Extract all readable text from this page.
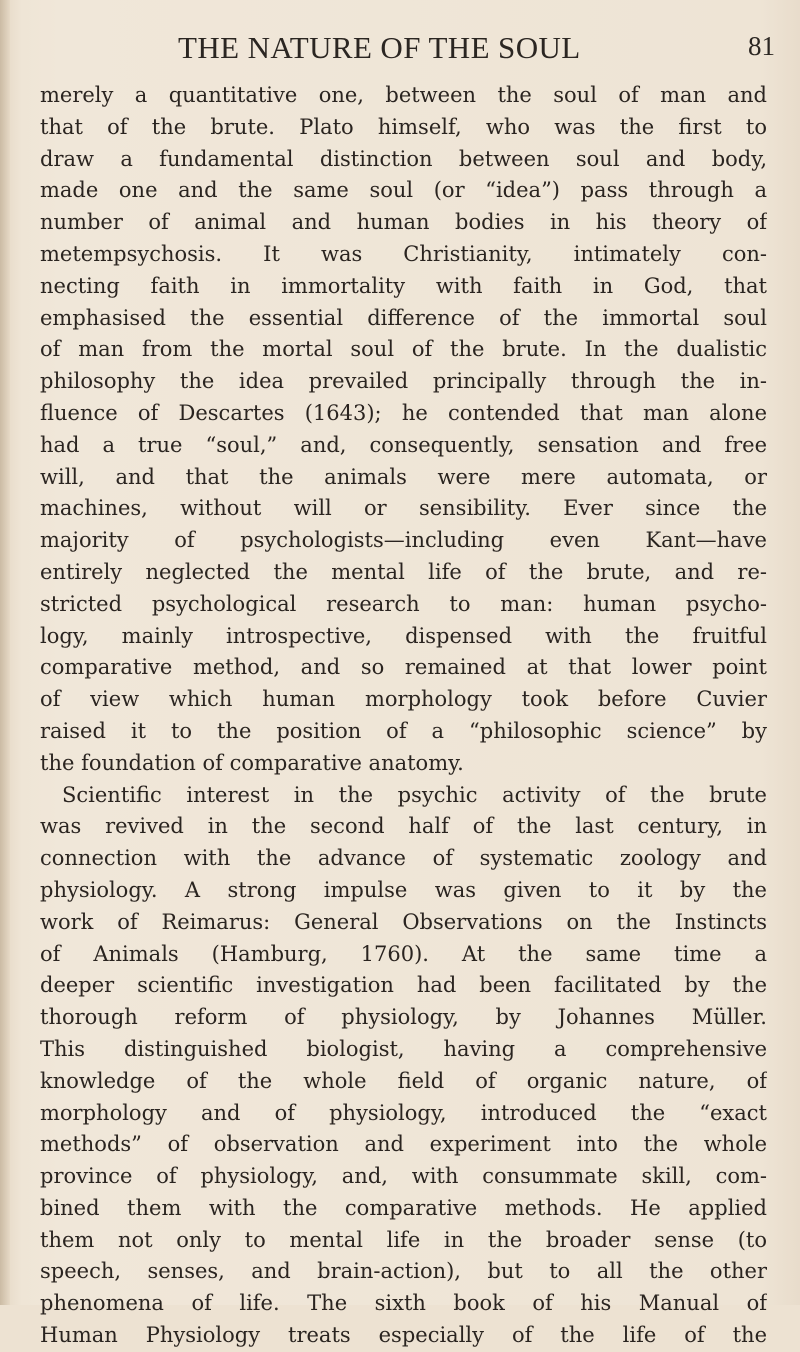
THE NATURE OF THE SOUL	81
merely a quantitative one, between the soul of man and
that of the brute. Plato himself, who was the first to
draw a fundamental distinction between soul and body,
made one and the same soul (or “idea”) pass through a
number of animal and human bodies in his theory of
metempsychosis. It was Christianity, intimately con-
necting faith in immortality with faith in God, that
emphasised the essential difference of the immortal soul
of man from the mortal soul of the brute. In the dualistic
philosophy the idea prevailed principally through the in-
fluence of Descartes (1643); he contended that man alone
had a true “soul,” and, consequently, sensation and free
will, and that the animals were mere automata, or
machines, without will or sensibility. Ever since the
majority of psychologists—including even Kant—have
entirely neglected the mental life of the brute, and re-
stricted psychological research to man: human psycho-
logy, mainly introspective, dispensed with the fruitful
comparative method, and so remained at that lower point
of view which human morphology took before Cuvier
raised it to the position of a “philosophic science” by
the foundation of comparative anatomy.
Scientific interest in the psychic activity of the brute
was revived in the second half of the last century, in
connection with the advance of systematic zoology and
physiology. A strong impulse was given to it by the
work of Reimarus: General Observations on the Instincts
of Animals (Hamburg, 1760). At the same time a
deeper scientific investigation had been facilitated by the
thorough reform of physiology, by Johannes Müller.
This distinguished biologist, having a comprehensive
knowledge of the whole field of organic nature, of
morphology and of physiology, introduced the “exact
methods” of observation and experiment into the whole
province of physiology, and, with consummate skill, com-
bined them with the comparative methods. He applied
them not only to mental life in the broader sense (to
speech, senses, and brain-action), but to all the other
phenomena of life. The sixth book of his Manual of
Human Physiology treats especially of the life of the
